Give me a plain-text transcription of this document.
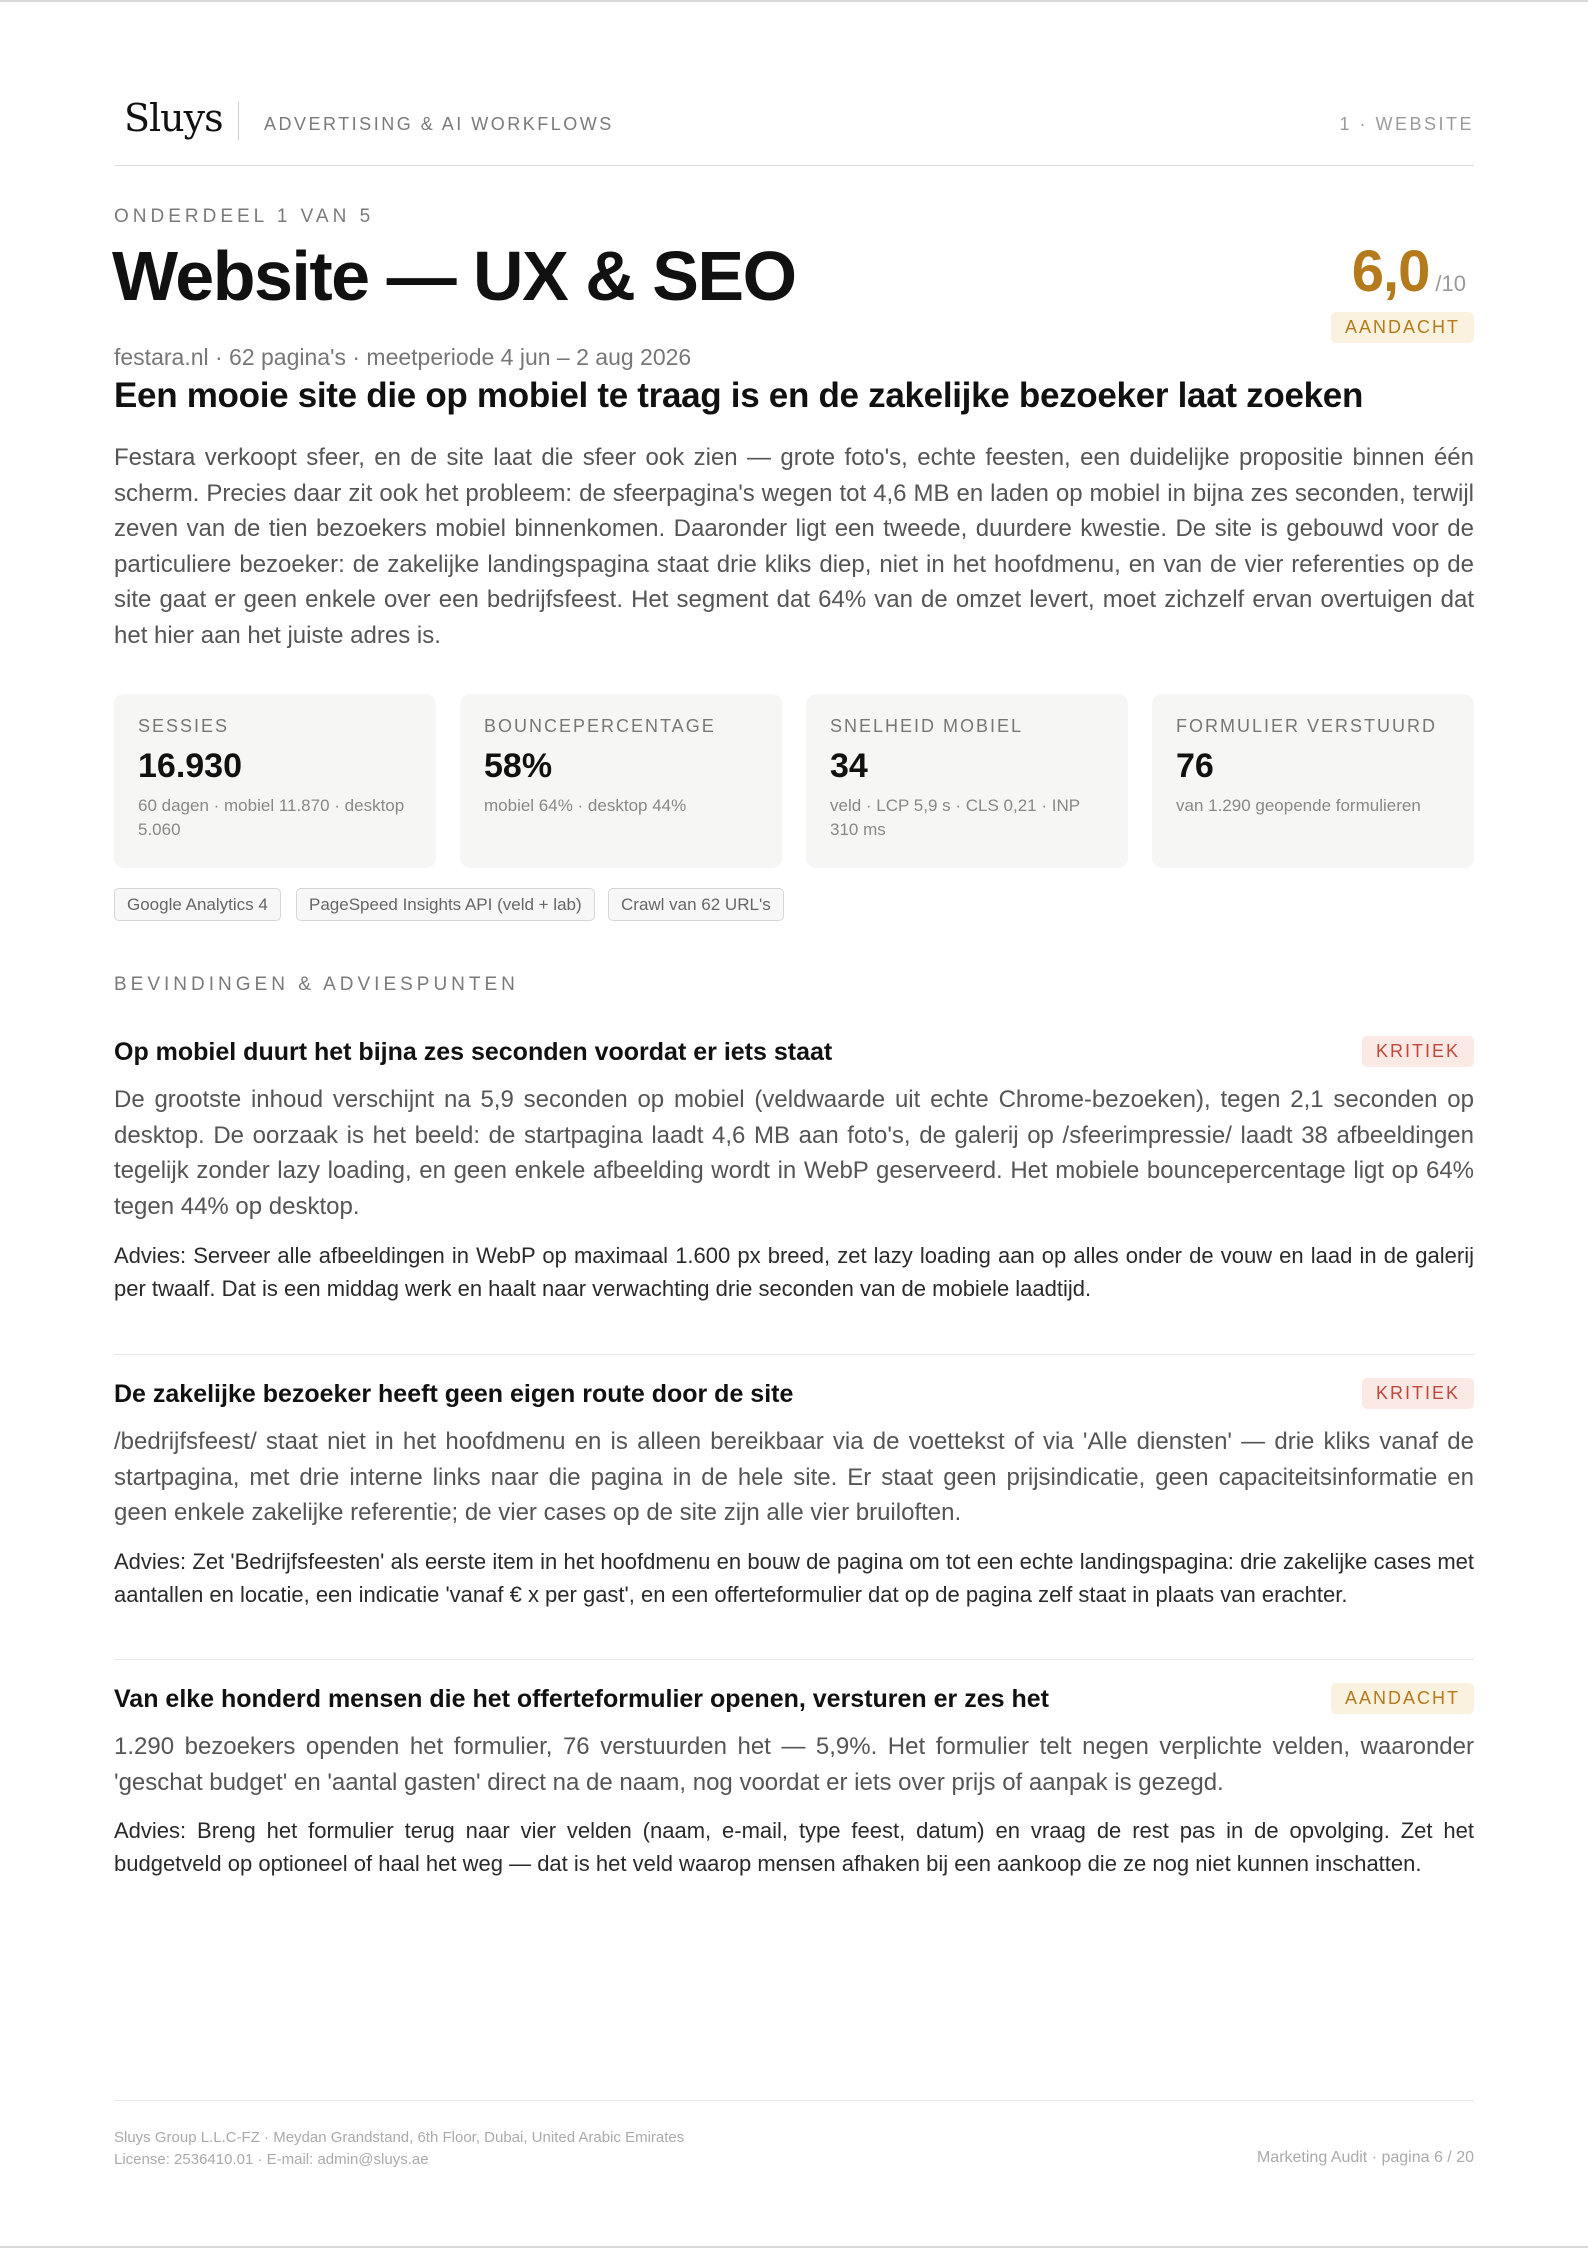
Sluys ADVERTISING & AI WORKFLOWS	1 · WEBSITE
ONDERDEEL 1 VAN 5
Website — UX & SEO	6,0 /10
AANDACHT
festara.nl · 62 pagina's · meetperiode 4 jun – 2 aug 2026
Een mooie site die op mobiel te traag is en de zakelijke bezoeker laat zoeken

Festara verkoopt sfeer, en de site laat die sfeer ook zien — grote foto's, echte feesten, een duidelijke propositie binnen één scherm. Precies daar zit ook het probleem: de sfeerpagina's wegen tot 4,6 MB en laden op mobiel in bijna zes seconden, terwijl zeven van de tien bezoekers mobiel binnenkomen. Daaronder ligt een tweede, duurdere kwestie. De site is gebouwd voor de particuliere bezoeker: de zakelijke landingspagina staat drie kliks diep, niet in het hoofdmenu, en van de vier referenties op de site gaat er geen enkele over een bedrijfsfeest. Het segment dat 64% van de omzet levert, moet zichzelf ervan overtuigen dat het hier aan het juiste adres is.

SESSIES
16.930
60 dagen · mobiel 11.870 · desktop 5.060
BOUNCEPERCENTAGE
58%
mobiel 64% · desktop 44%
SNELHEID MOBIEL
34
veld · LCP 5,9 s · CLS 0,21 · INP 310 ms
FORMULIER VERSTUURD
76
van 1.290 geopende formulieren
Google Analytics 4	PageSpeed Insights API (veld + lab)	Crawl van 62 URL's
BEVINDINGEN & ADVIESPUNTEN
Op mobiel duurt het bijna zes seconden voordat er iets staat	KRITIEK

De grootste inhoud verschijnt na 5,9 seconden op mobiel (veldwaarde uit echte Chrome-bezoeken), tegen 2,1 seconden op desktop. De oorzaak is het beeld: de startpagina laadt 4,6 MB aan foto's, de galerij op /sfeerimpressie/ laadt 38 afbeeldingen tegelijk zonder lazy loading, en geen enkele afbeelding wordt in WebP geserveerd. Het mobiele bouncepercentage ligt op 64% tegen 44% op desktop.

Advies: Serveer alle afbeeldingen in WebP op maximaal 1.600 px breed, zet lazy loading aan op alles onder de vouw en laad in de galerij per twaalf. Dat is een middag werk en haalt naar verwachting drie seconden van de mobiele laadtijd.

De zakelijke bezoeker heeft geen eigen route door de site	KRITIEK

/bedrijfsfeest/ staat niet in het hoofdmenu en is alleen bereikbaar via de voettekst of via 'Alle diensten' — drie kliks vanaf de startpagina, met drie interne links naar die pagina in de hele site. Er staat geen prijsindicatie, geen capaciteitsinformatie en geen enkele zakelijke referentie; de vier cases op de site zijn alle vier bruiloften.

Advies: Zet 'Bedrijfsfeesten' als eerste item in het hoofdmenu en bouw de pagina om tot een echte landingspagina: drie zakelijke cases met aantallen en locatie, een indicatie 'vanaf € x per gast', en een offerteformulier dat op de pagina zelf staat in plaats van erachter.

Van elke honderd mensen die het offerteformulier openen, versturen er zes het	AANDACHT

1.290 bezoekers openden het formulier, 76 verstuurden het — 5,9%. Het formulier telt negen verplichte velden, waaronder 'geschat budget' en 'aantal gasten' direct na de naam, nog voordat er iets over prijs of aanpak is gezegd.

Advies: Breng het formulier terug naar vier velden (naam, e-mail, type feest, datum) en vraag de rest pas in de opvolging. Zet het budgetveld op optioneel of haal het weg — dat is het veld waarop mensen afhaken bij een aankoop die ze nog niet kunnen inschatten.

Sluys Group L.L.C-FZ · Meydan Grandstand, 6th Floor, Dubai, United Arabic Emirates
License: 2536410.01 · E-mail: admin@sluys.ae	Marketing Audit · pagina 6 / 20
